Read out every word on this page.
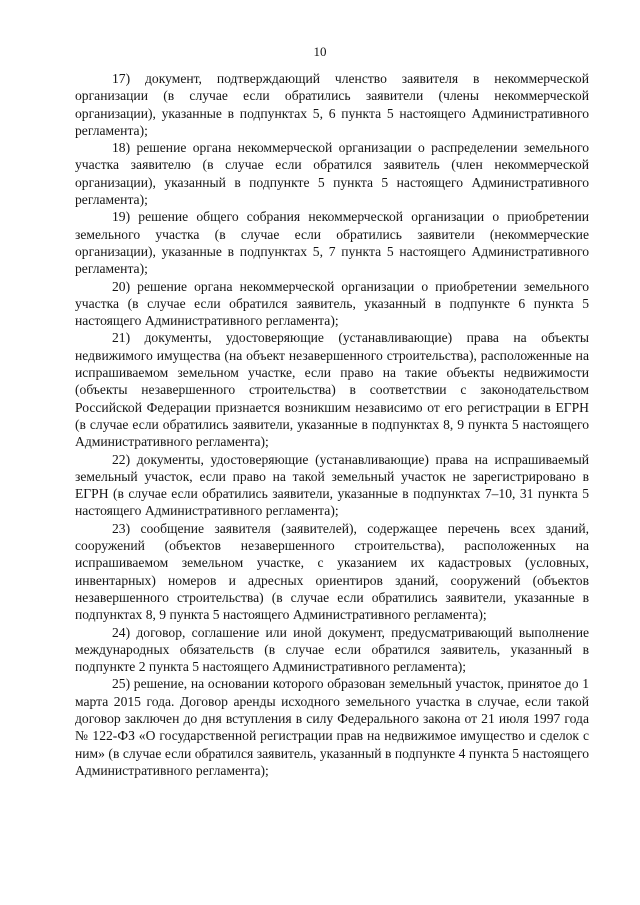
10

17) документ, подтверждающий членство заявителя в некоммерческой организации (в случае если обратились заявители (члены некоммерческой организации), указанные в подпунктах 5, 6 пункта 5 настоящего Административного регламента);

18) решение органа некоммерческой организации о распределении земельного участка заявителю (в случае если обратился заявитель (член некоммерческой организации), указанный в подпункте 5 пункта 5 настоящего Административного регламента);

19) решение общего собрания некоммерческой организации о приобретении земельного участка (в случае если обратились заявители (некоммерческие организации), указанные в подпунктах 5, 7 пункта 5 настоящего Административного регламента);

20) решение органа некоммерческой организации о приобретении земельного участка (в случае если обратился заявитель, указанный в подпункте 6 пункта 5 настоящего Административного регламента);

21) документы, удостоверяющие (устанавливающие) права на объекты недвижимого имущества (на объект незавершенного строительства), расположенные на испрашиваемом земельном участке, если право на такие объекты недвижимости (объекты незавершенного строительства) в соответствии с законодательством Российской Федерации признается возникшим независимо от его регистрации в ЕГРН (в случае если обратились заявители, указанные в подпунктах 8, 9 пункта 5 настоящего Административного регламента);

22) документы, удостоверяющие (устанавливающие) права на испрашиваемый земельный участок, если право на такой земельный участок не зарегистрировано в ЕГРН (в случае если обратились заявители, указанные в подпунктах 7–10, 31 пункта 5 настоящего Административного регламента);

23) сообщение заявителя (заявителей), содержащее перечень всех зданий, сооружений (объектов незавершенного строительства), расположенных на испрашиваемом земельном участке, с указанием их кадастровых (условных, инвентарных) номеров и адресных ориентиров зданий, сооружений (объектов незавершенного строительства) (в случае если обратились заявители, указанные в подпунктах 8, 9 пункта 5 настоящего Административного регламента);

24) договор, соглашение или иной документ, предусматривающий выполнение международных обязательств (в случае если обратился заявитель, указанный в подпункте 2 пункта 5 настоящего Административного регламента);

25) решение, на основании которого образован земельный участок, принятое до 1 марта 2015 года. Договор аренды исходного земельного участка в случае, если такой договор заключен до дня вступления в силу Федерального закона от 21 июля 1997 года № 122-ФЗ «О государственной регистрации прав на недвижимое имущество и сделок с ним» (в случае если обратился заявитель, указанный в подпункте 4 пункта 5 настоящего Административного регламента);
